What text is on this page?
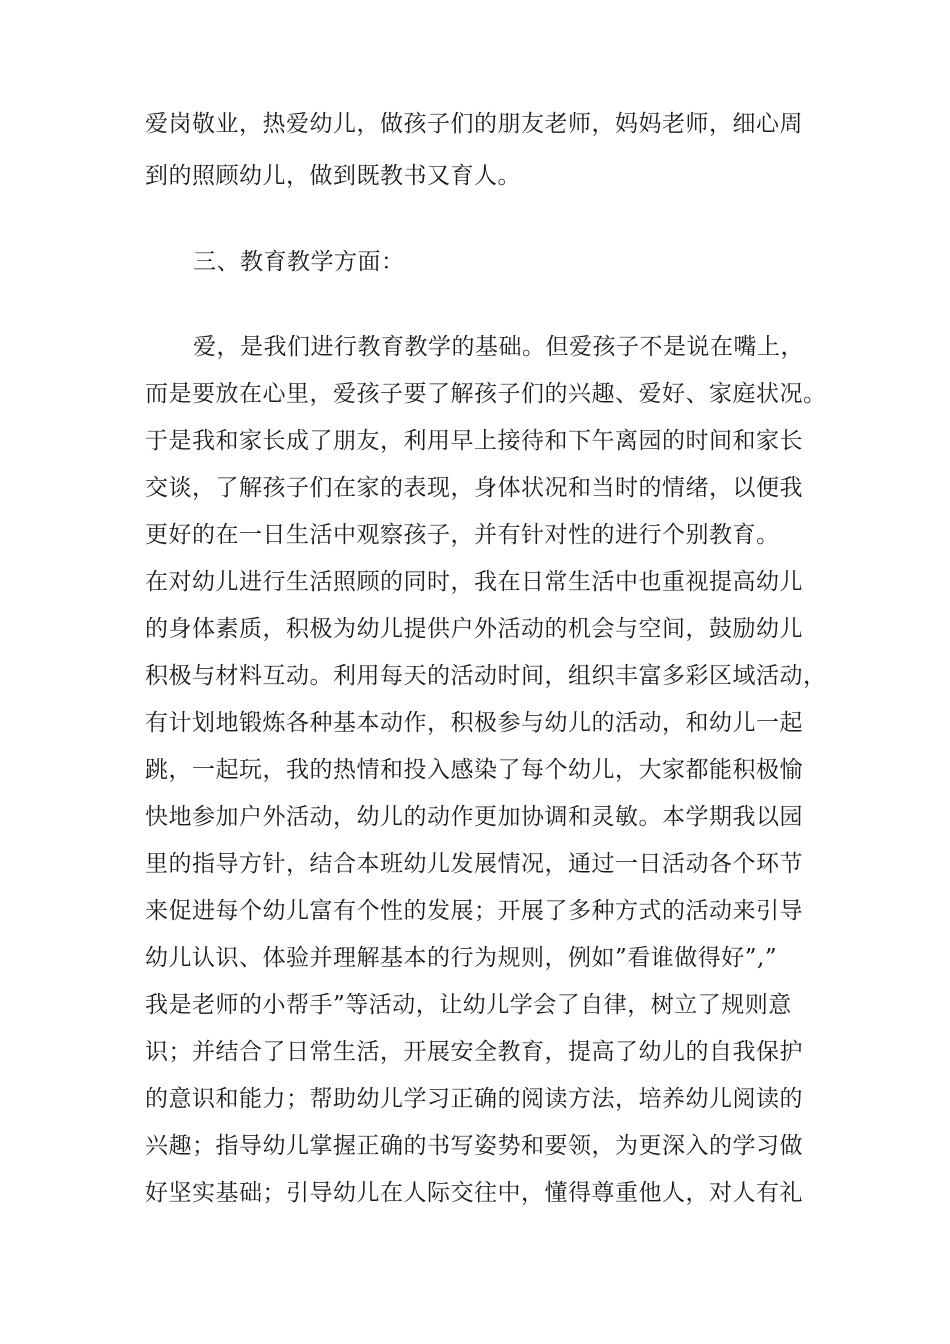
爱岗敬业，热爱幼儿，做孩子们的朋友老师，妈妈老师，细心周
到的照顾幼儿，做到既教书又育人。
三、教育教学方面：
爱，是我们进行教育教学的基础。但爱孩子不是说在嘴上，
而是要放在心里，爱孩子要了解孩子们的兴趣、爱好、家庭状况。
于是我和家长成了朋友，利用早上接待和下午离园的时间和家长
交谈，了解孩子们在家的表现，身体状况和当时的情绪，以便我
更好的在一日生活中观察孩子，并有针对性的进行个别教育。
在对幼儿进行生活照顾的同时，我在日常生活中也重视提高幼儿
的身体素质，积极为幼儿提供户外活动的机会与空间，鼓励幼儿
积极与材料互动。利用每天的活动时间，组织丰富多彩区域活动，
有计划地锻炼各种基本动作，积极参与幼儿的活动，和幼儿一起
跳，一起玩，我的热情和投入感染了每个幼儿，大家都能积极愉
快地参加户外活动，幼儿的动作更加协调和灵敏。本学期我以园
里的指导方针，结合本班幼儿发展情况，通过一日活动各个环节
来促进每个幼儿富有个性的发展；开展了多种方式的活动来引导
幼儿认识、体验并理解基本的行为规则，例如”看谁做得好”,”
我是老师的小帮手”等活动，让幼儿学会了自律，树立了规则意
识；并结合了日常生活，开展安全教育，提高了幼儿的自我保护
的意识和能力；帮助幼儿学习正确的阅读方法，培养幼儿阅读的
兴趣；指导幼儿掌握正确的书写姿势和要领，为更深入的学习做
好坚实基础；引导幼儿在人际交往中，懂得尊重他人，对人有礼
